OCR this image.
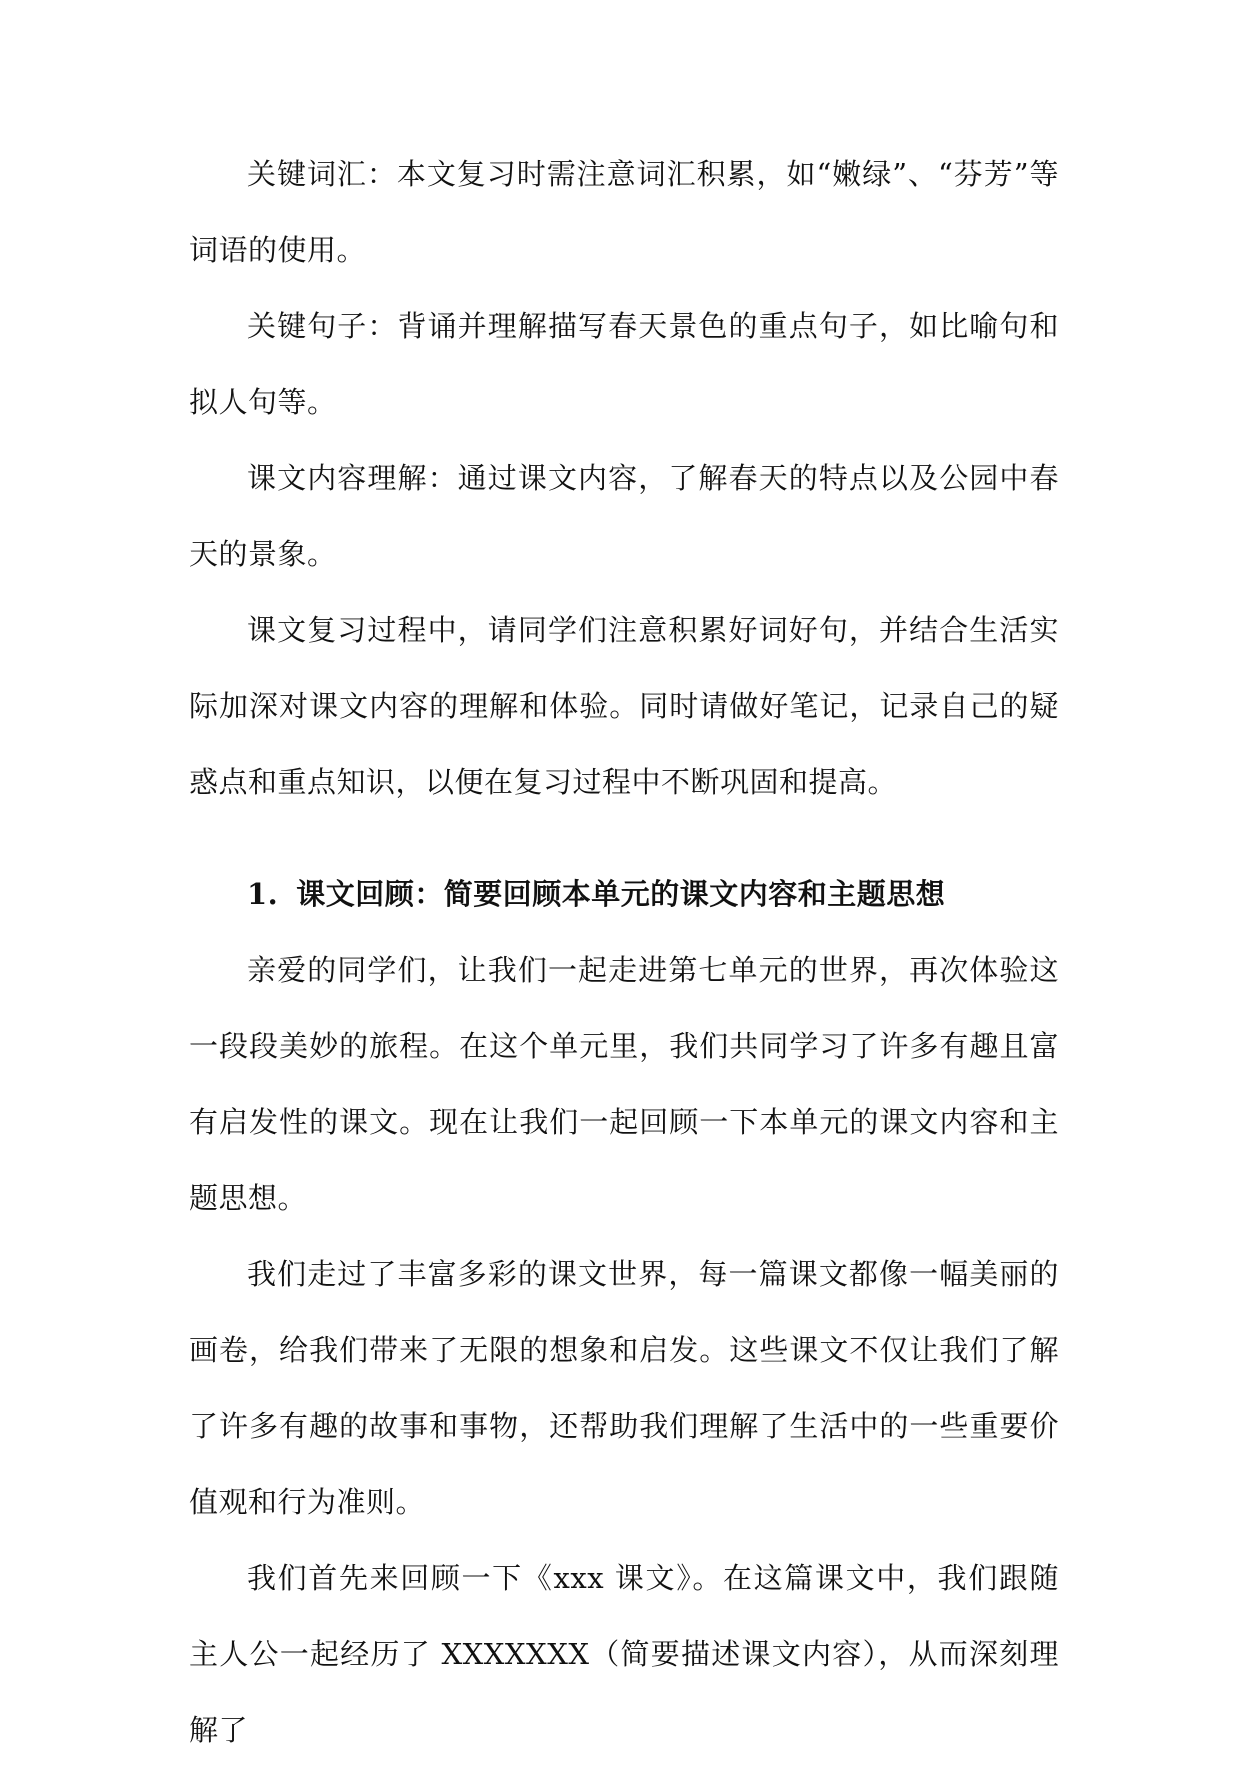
关键词汇：本文复习时需注意词汇积累，如“嫩绿”、“芬芳”等词语的使用。

关键句子：背诵并理解描写春天景色的重点句子，如比喻句和拟人句等。

课文内容理解：通过课文内容，了解春天的特点以及公园中春天的景象。

课文复习过程中，请同学们注意积累好词好句，并结合生活实际加深对课文内容的理解和体验。同时请做好笔记，记录自己的疑惑点和重点知识，以便在复习过程中不断巩固和提高。

1. 课文回顾：简要回顾本单元的课文内容和主题思想

亲爱的同学们，让我们一起走进第七单元的世界，再次体验这一段段美妙的旅程。在这个单元里，我们共同学习了许多有趣且富有启发性的课文。现在让我们一起回顾一下本单元的课文内容和主题思想。

我们走过了丰富多彩的课文世界，每一篇课文都像一幅美丽的画卷，给我们带来了无限的想象和启发。这些课文不仅让我们了解了许多有趣的故事和事物，还帮助我们理解了生活中的一些重要价值观和行为准则。

我们首先来回顾一下《xxx 课文》。在这篇课文中，我们跟随主人公一起经历了 XXXXXXX（简要描述课文内容），从而深刻理解了
